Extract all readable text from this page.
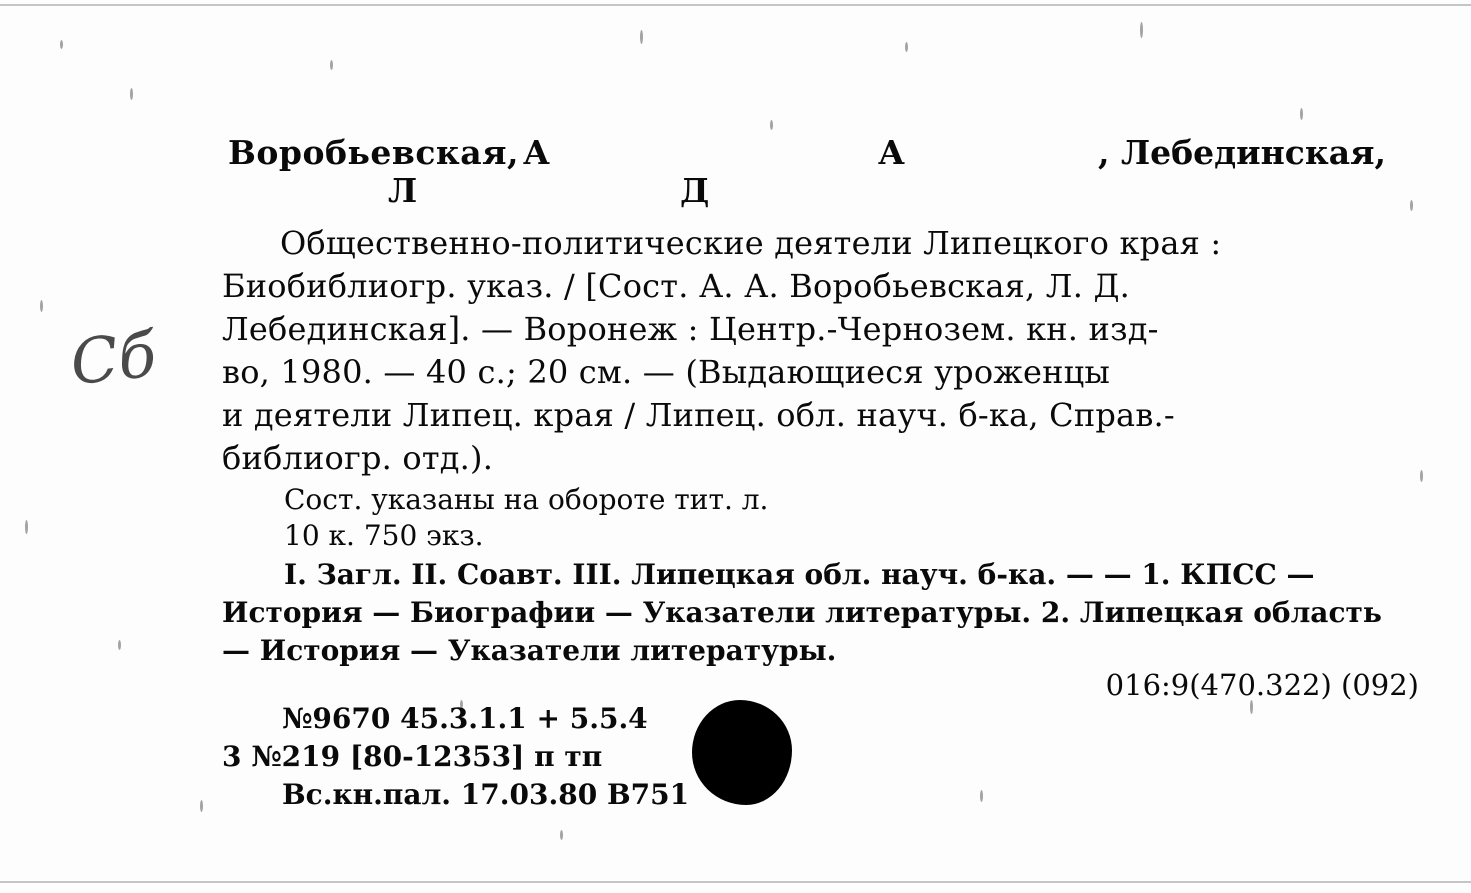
Сб
Воробьевская, А
Л
А
Д
, Лебединская,
Общественно-политические деятели Липецкого края :
Биобиблиогр. указ. / [Сост. А. А. Воробьевская, Л. Д.
Лебединская]. — Воронеж : Центр.-Чернозем. кн. изд-
во, 1980. — 40 с.; 20 см. — (Выдающиеся уроженцы
и деятели Липец. края / Липец. обл. науч. б-ка, Справ.-
библиогр. отд.).
Сост. указаны на обороте тит. л.
10 к. 750 экз.
I. Загл. II. Соавт. III. Липецкая обл. науч. б-ка. — — 1. КПСС —
История — Биографии — Указатели литературы. 2. Липецкая область
— История — Указатели литературы.
016:9(470.322) (092)
№9670 45.3.1.1 + 5.5.4
3 №219 [80-12353] п тп
Вс.кн.пал. 17.03.80 В751
